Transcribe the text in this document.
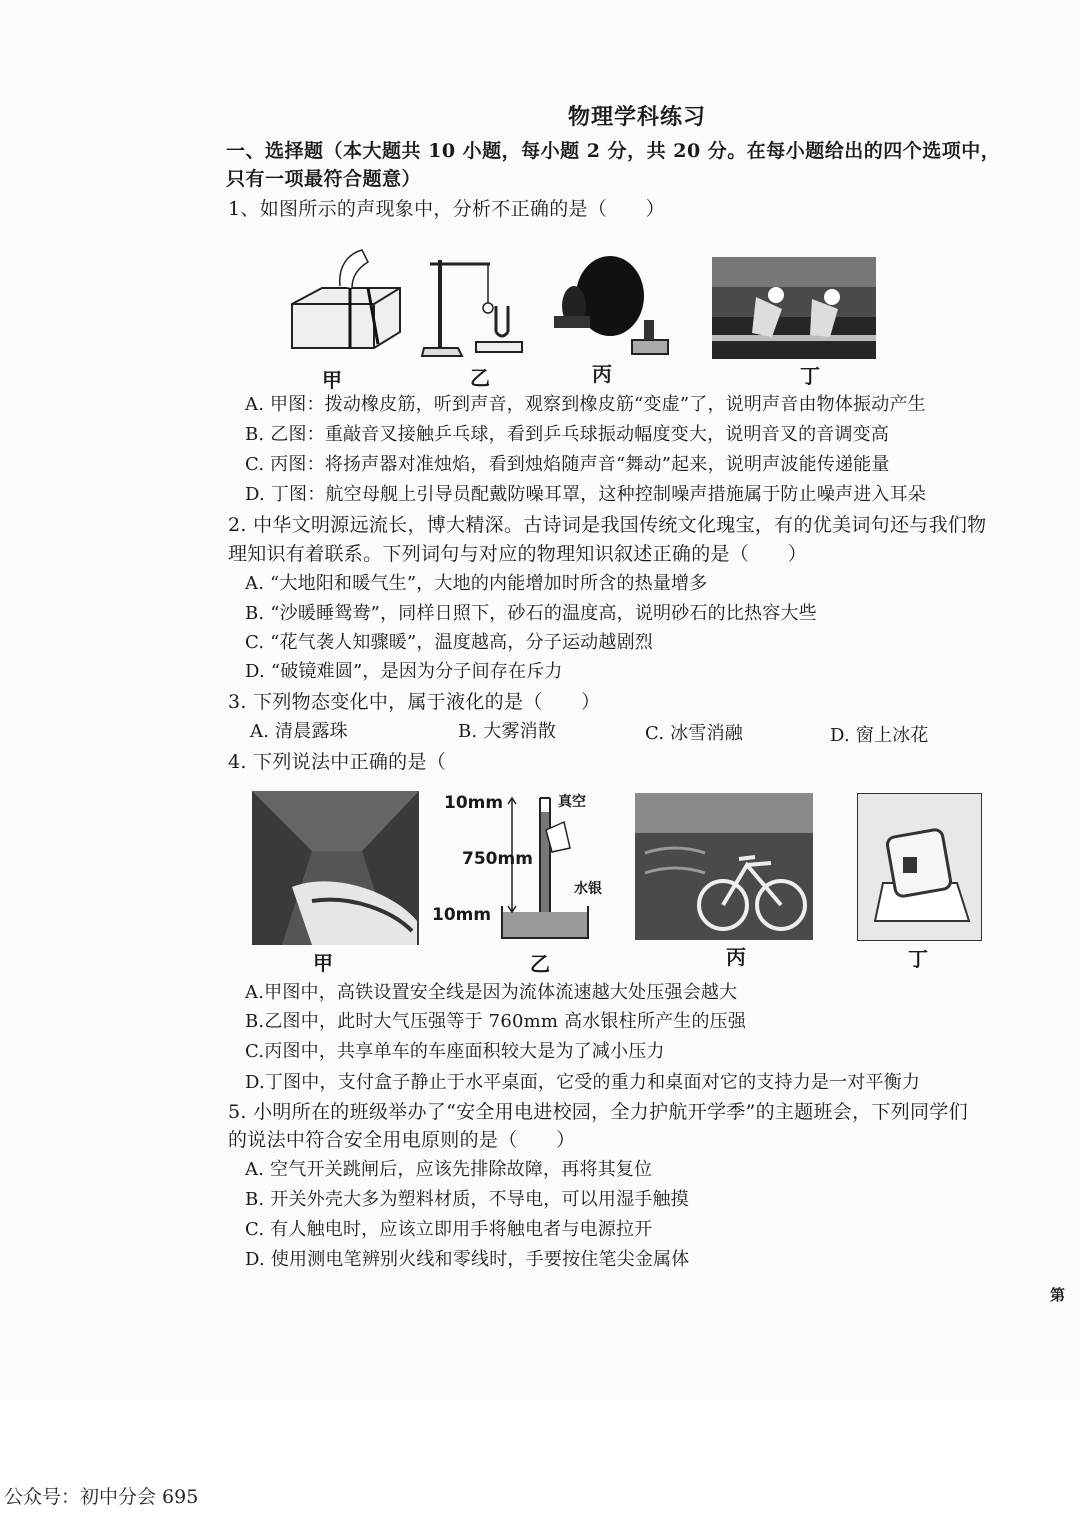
物理学科练习
一、选择题（本大题共 10 小题，每小题 2 分，共 20 分。在每小题给出的四个选项中，
只有一项最符合题意）
1、如图所示的声现象中，分析不正确的是（　　）
甲	乙	丙	丁
A. 甲图：拨动橡皮筋，听到声音，观察到橡皮筋“变虚”了，说明声音由物体振动产生
B. 乙图：重敲音叉接触乒乓球，看到乒乓球振动幅度变大，说明音叉的音调变高
C. 丙图：将扬声器对准烛焰，看到烛焰随声音“舞动”起来，说明声波能传递能量
D. 丁图：航空母舰上引导员配戴防噪耳罩，这种控制噪声措施属于防止噪声进入耳朵
2. 中华文明源远流长，博大精深。古诗词是我国传统文化瑰宝，有的优美词句还与我们物
理知识有着联系。下列词句与对应的物理知识叙述正确的是（　　）
A. “大地阳和暖气生”，大地的内能增加时所含的热量增多
B. “沙暖睡鸳鸯”，同样日照下，砂石的温度高，说明砂石的比热容大些
C. “花气袭人知骤暖”，温度越高，分子运动越剧烈
D. “破镜难圆”，是因为分子间存在斥力
3. 下列物态变化中，属于液化的是（　　）
A. 清晨露珠	B. 大雾消散	C. 冰雪消融	D. 窗上冰花
4. 下列说法中正确的是（
10mm	真空
750mm
水银
10mm
甲	乙	丙	丁
A.甲图中，高铁设置安全线是因为流体流速越大处压强会越大
B.乙图中，此时大气压强等于 760mm 高水银柱所产生的压强
C.丙图中，共享单车的车座面积较大是为了减小压力
D.丁图中，支付盒子静止于水平桌面，它受的重力和桌面对它的支持力是一对平衡力
5. 小明所在的班级举办了“安全用电进校园，全力护航开学季”的主题班会，下列同学们
的说法中符合安全用电原则的是（　　）
A. 空气开关跳闸后，应该先排除故障，再将其复位
B. 开关外壳大多为塑料材质，不导电，可以用湿手触摸
C. 有人触电时，应该立即用手将触电者与电源拉开
D. 使用测电笔辨别火线和零线时，手要按住笔尖金属体
第
公众号：初中分会 695
